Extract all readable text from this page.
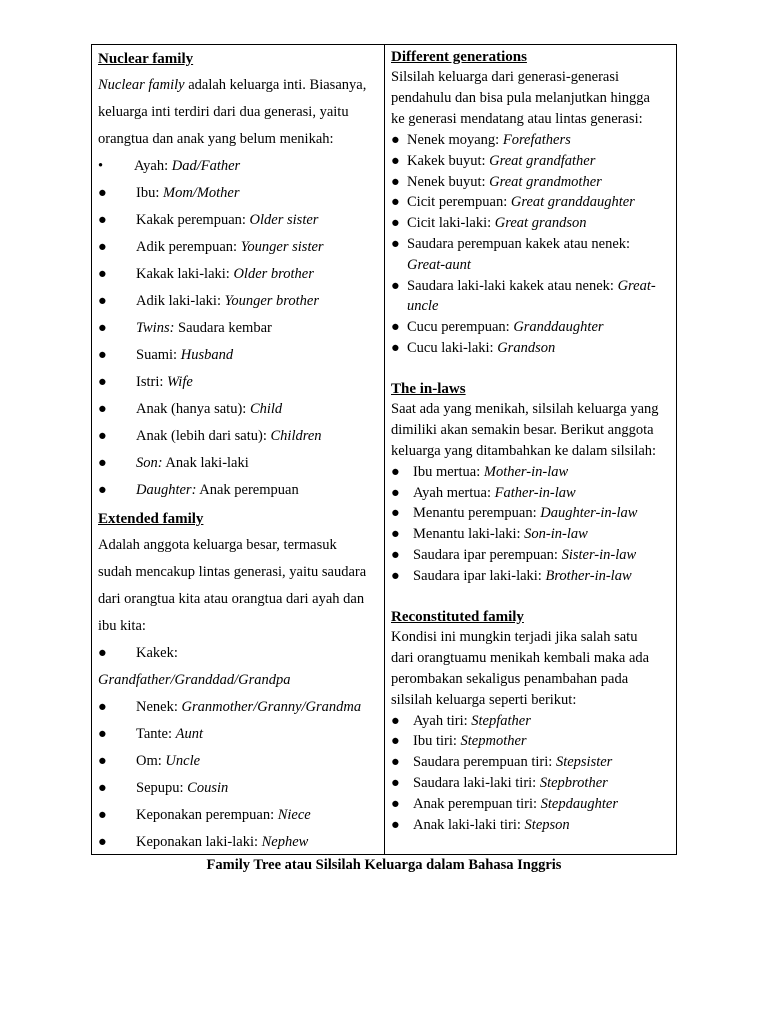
Nuclear family

Nuclear family adalah keluarga inti. Biasanya,

keluarga inti terdiri dari dua generasi, yaitu

orangtua dan anak yang belum menikah:

•	Ayah: Dad/Father
●	Ibu: Mom/Mother
●	Kakak perempuan: Older sister
●	Adik perempuan: Younger sister
●	Kakak laki-laki: Older brother
●	Adik laki-laki: Younger brother
●	Twins: Saudara kembar
●	Suami: Husband
●	Istri: Wife
●	Anak (hanya satu): Child
●	Anak (lebih dari satu): Children
●	Son: Anak laki-laki
●	Daughter: Anak perempuan
Extended family

Adalah anggota keluarga besar, termasuk

sudah mencakup lintas generasi, yaitu saudara

dari orangtua kita atau orangtua dari ayah dan

ibu kita:

●	Kakek:

Grandfather/Granddad/Grandpa

●	Nenek: Granmother/Granny/Grandma
●	Tante: Aunt
●	Om: Uncle
●	Sepupu: Cousin
●	Keponakan perempuan: Niece
●	Keponakan laki-laki: Nephew
Different generations

Silsilah keluarga dari generasi-generasi

pendahulu dan bisa pula melanjutkan hingga

ke generasi mendatang atau lintas generasi:

● Nenek moyang: Forefathers
● Kakek buyut: Great grandfather
● Nenek buyut: Great grandmother
● Cicit perempuan: Great granddaughter
● Cicit laki-laki: Great grandson
● Saudara perempuan kakek atau nenek: Great-aunt
● Saudara laki-laki kakek atau nenek: Great-uncle
● Cucu perempuan: Granddaughter
● Cucu laki-laki: Grandson
The in-laws

Saat ada yang menikah, silsilah keluarga yang

dimiliki akan semakin besar. Berikut anggota

keluarga yang ditambahkan ke dalam silsilah:

● Ibu mertua: Mother-in-law
● Ayah mertua: Father-in-law
● Menantu perempuan: Daughter-in-law
● Menantu laki-laki: Son-in-law
● Saudara ipar perempuan: Sister-in-law
● Saudara ipar laki-laki: Brother-in-law
Reconstituted family

Kondisi ini mungkin terjadi jika salah satu

dari orangtuamu menikah kembali maka ada

perombakan sekaligus penambahan pada

silsilah keluarga seperti berikut:

● Ayah tiri: Stepfather
● Ibu tiri: Stepmother
● Saudara perempuan tiri: Stepsister
● Saudara laki-laki tiri: Stepbrother
● Anak perempuan tiri: Stepdaughter
● Anak laki-laki tiri: Stepson
Family Tree atau Silsilah Keluarga dalam Bahasa Inggris
